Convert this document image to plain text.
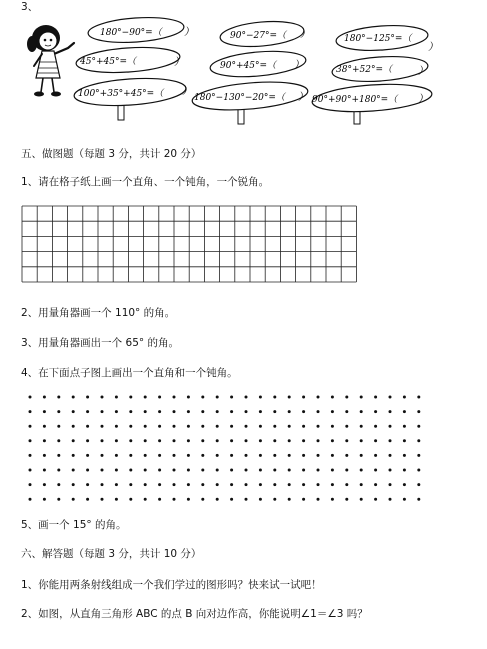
3、
180°−90°=（ ）
45°+45°=（	）
100°+35°+45°=（ ）
90°−27°=（ ）
90°+45°=（ ）
180°−130°−20°=（ ）
180°−125°=（
）
38°+52°=（	）
90°+90°+180°=（ ）
五、做图题（每题 3 分，共计 20 分）
1、请在格子纸上画一个直角、一个钝角，一个锐角。
2、用量角器画一个 110° 的角。
3、用量角器画出一个 65° 的角。
4、在下面点子图上画出一个直角和一个钝角。
5、画一个 15° 的角。
六、解答题（每题 3 分，共计 10 分）
1、你能用两条射线组成一个我们学过的图形吗？快来试一试吧！
2、如图，从直角三角形 ABC 的点 B 向对边作高，你能说明∠1＝∠3 吗？
